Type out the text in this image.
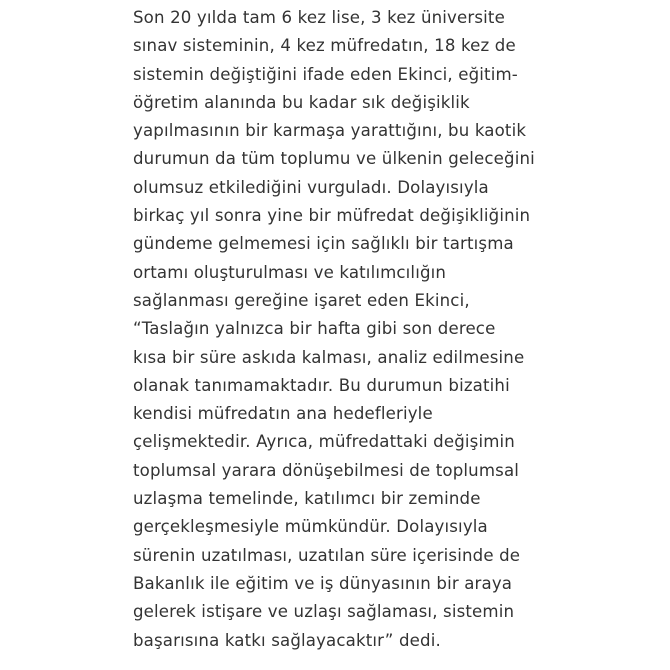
Son 20 yılda tam 6 kez lise, 3 kez üniversite
sınav sisteminin, 4 kez müfredatın, 18 kez de
sistemin değiştiğini ifade eden Ekinci, eğitim-
öğretim alanında bu kadar sık değişiklik
yapılmasının bir karmaşa yarattığını, bu kaotik
durumun da tüm toplumu ve ülkenin geleceğini
olumsuz etkilediğini vurguladı. Dolayısıyla
birkaç yıl sonra yine bir müfredat değişikliğinin
gündeme gelmemesi için sağlıklı bir tartışma
ortamı oluşturulması ve katılımcılığın
sağlanması gereğine işaret eden Ekinci,
“Taslağın yalnızca bir hafta gibi son derece
kısa bir süre askıda kalması, analiz edilmesine
olanak tanımamaktadır. Bu durumun bizatihi
kendisi müfredatın ana hedefleriyle
çelişmektedir. Ayrıca, müfredattaki değişimin
toplumsal yarara dönüşebilmesi de toplumsal
uzlaşma temelinde, katılımcı bir zeminde
gerçekleşmesiyle mümkündür. Dolayısıyla
sürenin uzatılması, uzatılan süre içerisinde de
Bakanlık ile eğitim ve iş dünyasının bir araya
gelerek istişare ve uzlaşı sağlaması, sistemin
başarısına katkı sağlayacaktır” dedi.
